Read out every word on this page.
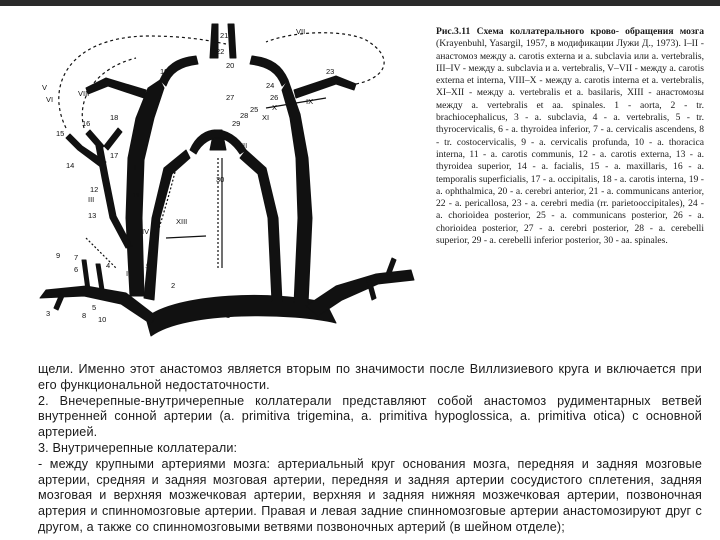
1
2
3
4
5
6
7
8
9
10
11
12
13
14
15
16
17
18
19
20
21
22
23
24
25
26
27
28
29
30
I
II
III
IV
V
VI
VII
VIII
IX
X
XI
XII
XIII

Рис.3.11 Схема коллатерального крово- обращения мозга (Krayenbuhl, Yasargil, 1957, в модификации Лужи Д., 1973). I–II - анастомоз между a. carotis externa и a. subclavia или a. vertebralis, III–IV - между a. subclavia и a. vertebralis, V–VII - между a. carotis externa et interna, VIII–X - между a. carotis interna et a. vertebralis, XI–XII - между a. vertebralis et a. basilaris, XIII - анастомозы между a. vertebralis et aa. spinales. 1 - aorta, 2 - tr. brachiocephalicus, 3 - a. subclavia, 4 - a. vertebralis, 5 - tr. thyrocervicalis, 6 - a. thyroidea inferior, 7 - a. cervicalis ascendens, 8 - tr. costocervicalis, 9 - a. cervicalis profunda, 10 - a. thoracica interna, 11 - a. carotis communis, 12 - a. carotis externa, 13 - a. thyroidea superior, 14 - a. facialis, 15 - a. maxillaris, 16 - a. temporalis superficialis, 17 - a. occipitalis, 18 - a. carotis interna, 19 - a. ophthalmica, 20 - a. cerebri anterior, 21 - a. communicans anterior, 22 - a. pericallosa, 23 - a. cerebri media (rr. parietooccipitales), 24 - a. chorioidea posterior, 25 - a. communicans posterior, 26 - a. chorioidea posterior, 27 - a. cerebri posterior, 28 - a. cerebelli superior, 29 - a. cerebelli inferior posterior, 30 - aa. spinales.

щели. Именно этот анастомоз является вторым по значимости после Виллизиевого круга и включается при его функциональной недостаточности.

2. Внечерепные-внутричерепные коллатерали представляют собой анастомоз рудиментарных ветвей внутренней сонной артерии (a. primitiva trigemina, a. primitiva hypoglossica, a. primitiva otica) с основной артерией.

3. Внутричерепные коллатерали:

- между крупными артериями мозга: артериальный круг основания мозга, передняя и задняя мозговые артерии, средняя и задняя мозговая артерии, передняя и задняя артерии сосудистого сплетения, задняя мозговая и верхняя мозжечковая артерии, верхняя и задняя нижняя мозжечковая артерии, позвоночная артерия и спинномозговые артерии. Правая и левая задние спинномозговые артерии анастомозируют друг с другом, а также со спинномозговыми ветвями позвоночных артерий (в шейном отделе);
